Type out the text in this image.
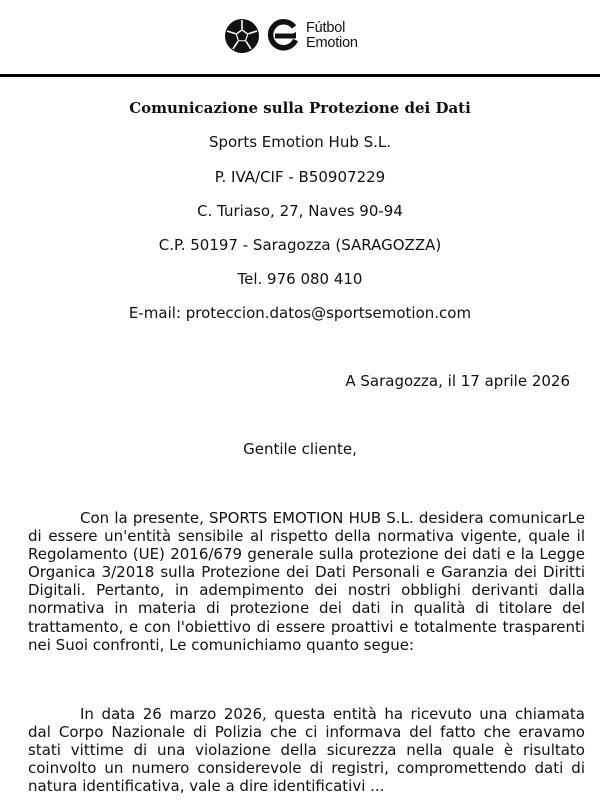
Fútbol
Emotion
Comunicazione sulla Protezione dei Dati
Sports Emotion Hub S.L.
P. IVA/CIF - B50907229
C. Turiaso, 27, Naves 90-94
C.P. 50197 - Saragozza (SARAGOZZA)
Tel. 976 080 410
E-mail: proteccion.datos@sportsemotion.com
A Saragozza, il 17 aprile 2026
Gentile cliente,
Con la presente, SPORTS EMOTION HUB S.L. desidera comunicarLe di essere un'entità sensibile al rispetto della normativa vigente, quale il Regolamento (UE) 2016/679 generale sulla protezione dei dati e la Legge Organica 3/2018 sulla Protezione dei Dati Personali e Garanzia dei Diritti Digitali. Pertanto, in adempimento dei nostri obblighi derivanti dalla normativa in materia di protezione dei dati in qualità di titolare del trattamento, e con l'obiettivo di essere proattivi e totalmente trasparenti nei Suoi confronti, Le comunichiamo quanto segue:
In data 26 marzo 2026, questa entità ha ricevuto una chiamata dal Corpo Nazionale di Polizia che ci informava del fatto che eravamo stati vittime di una violazione della sicurezza nella quale è risultato coinvolto un numero considerevole di registri, compromettendo dati di natura identificativa, vale a dire identificativi ...
